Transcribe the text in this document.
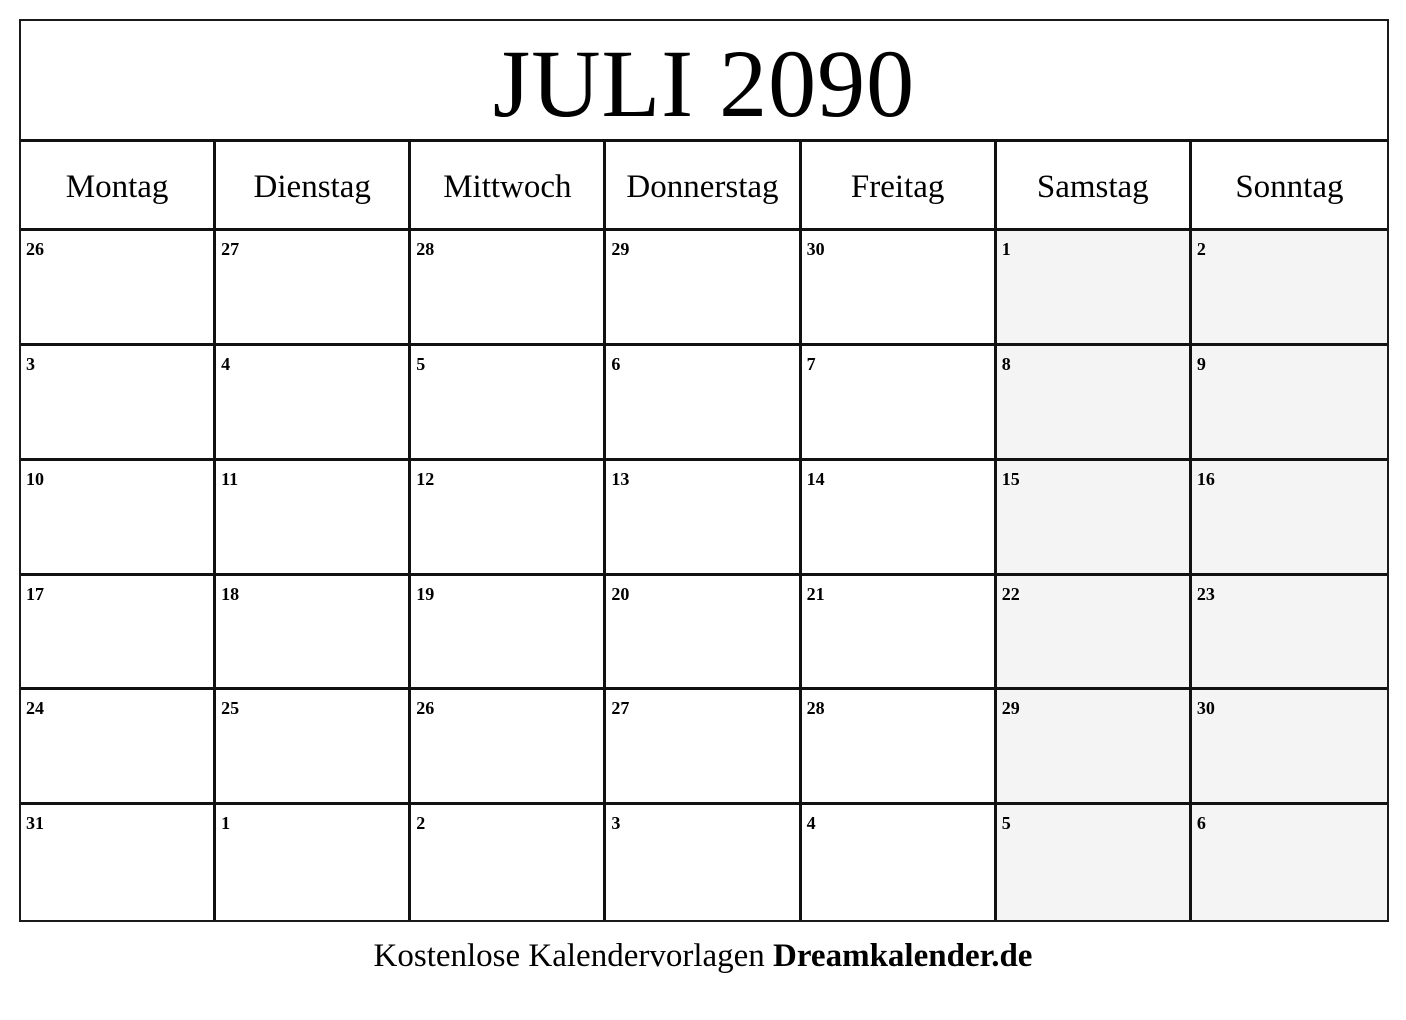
JULI 2090
Montag	Dienstag	Mittwoch	Donnerstag	Freitag	Samstag	Sonntag
26	27	28	29	30	1	2
3	4	5	6	7	8	9
10	11	12	13	14	15	16
17	18	19	20	21	22	23
24	25	26	27	28	29	30
31	1	2	3	4	5	6
Kostenlose Kalendervorlagen Dreamkalender.de
